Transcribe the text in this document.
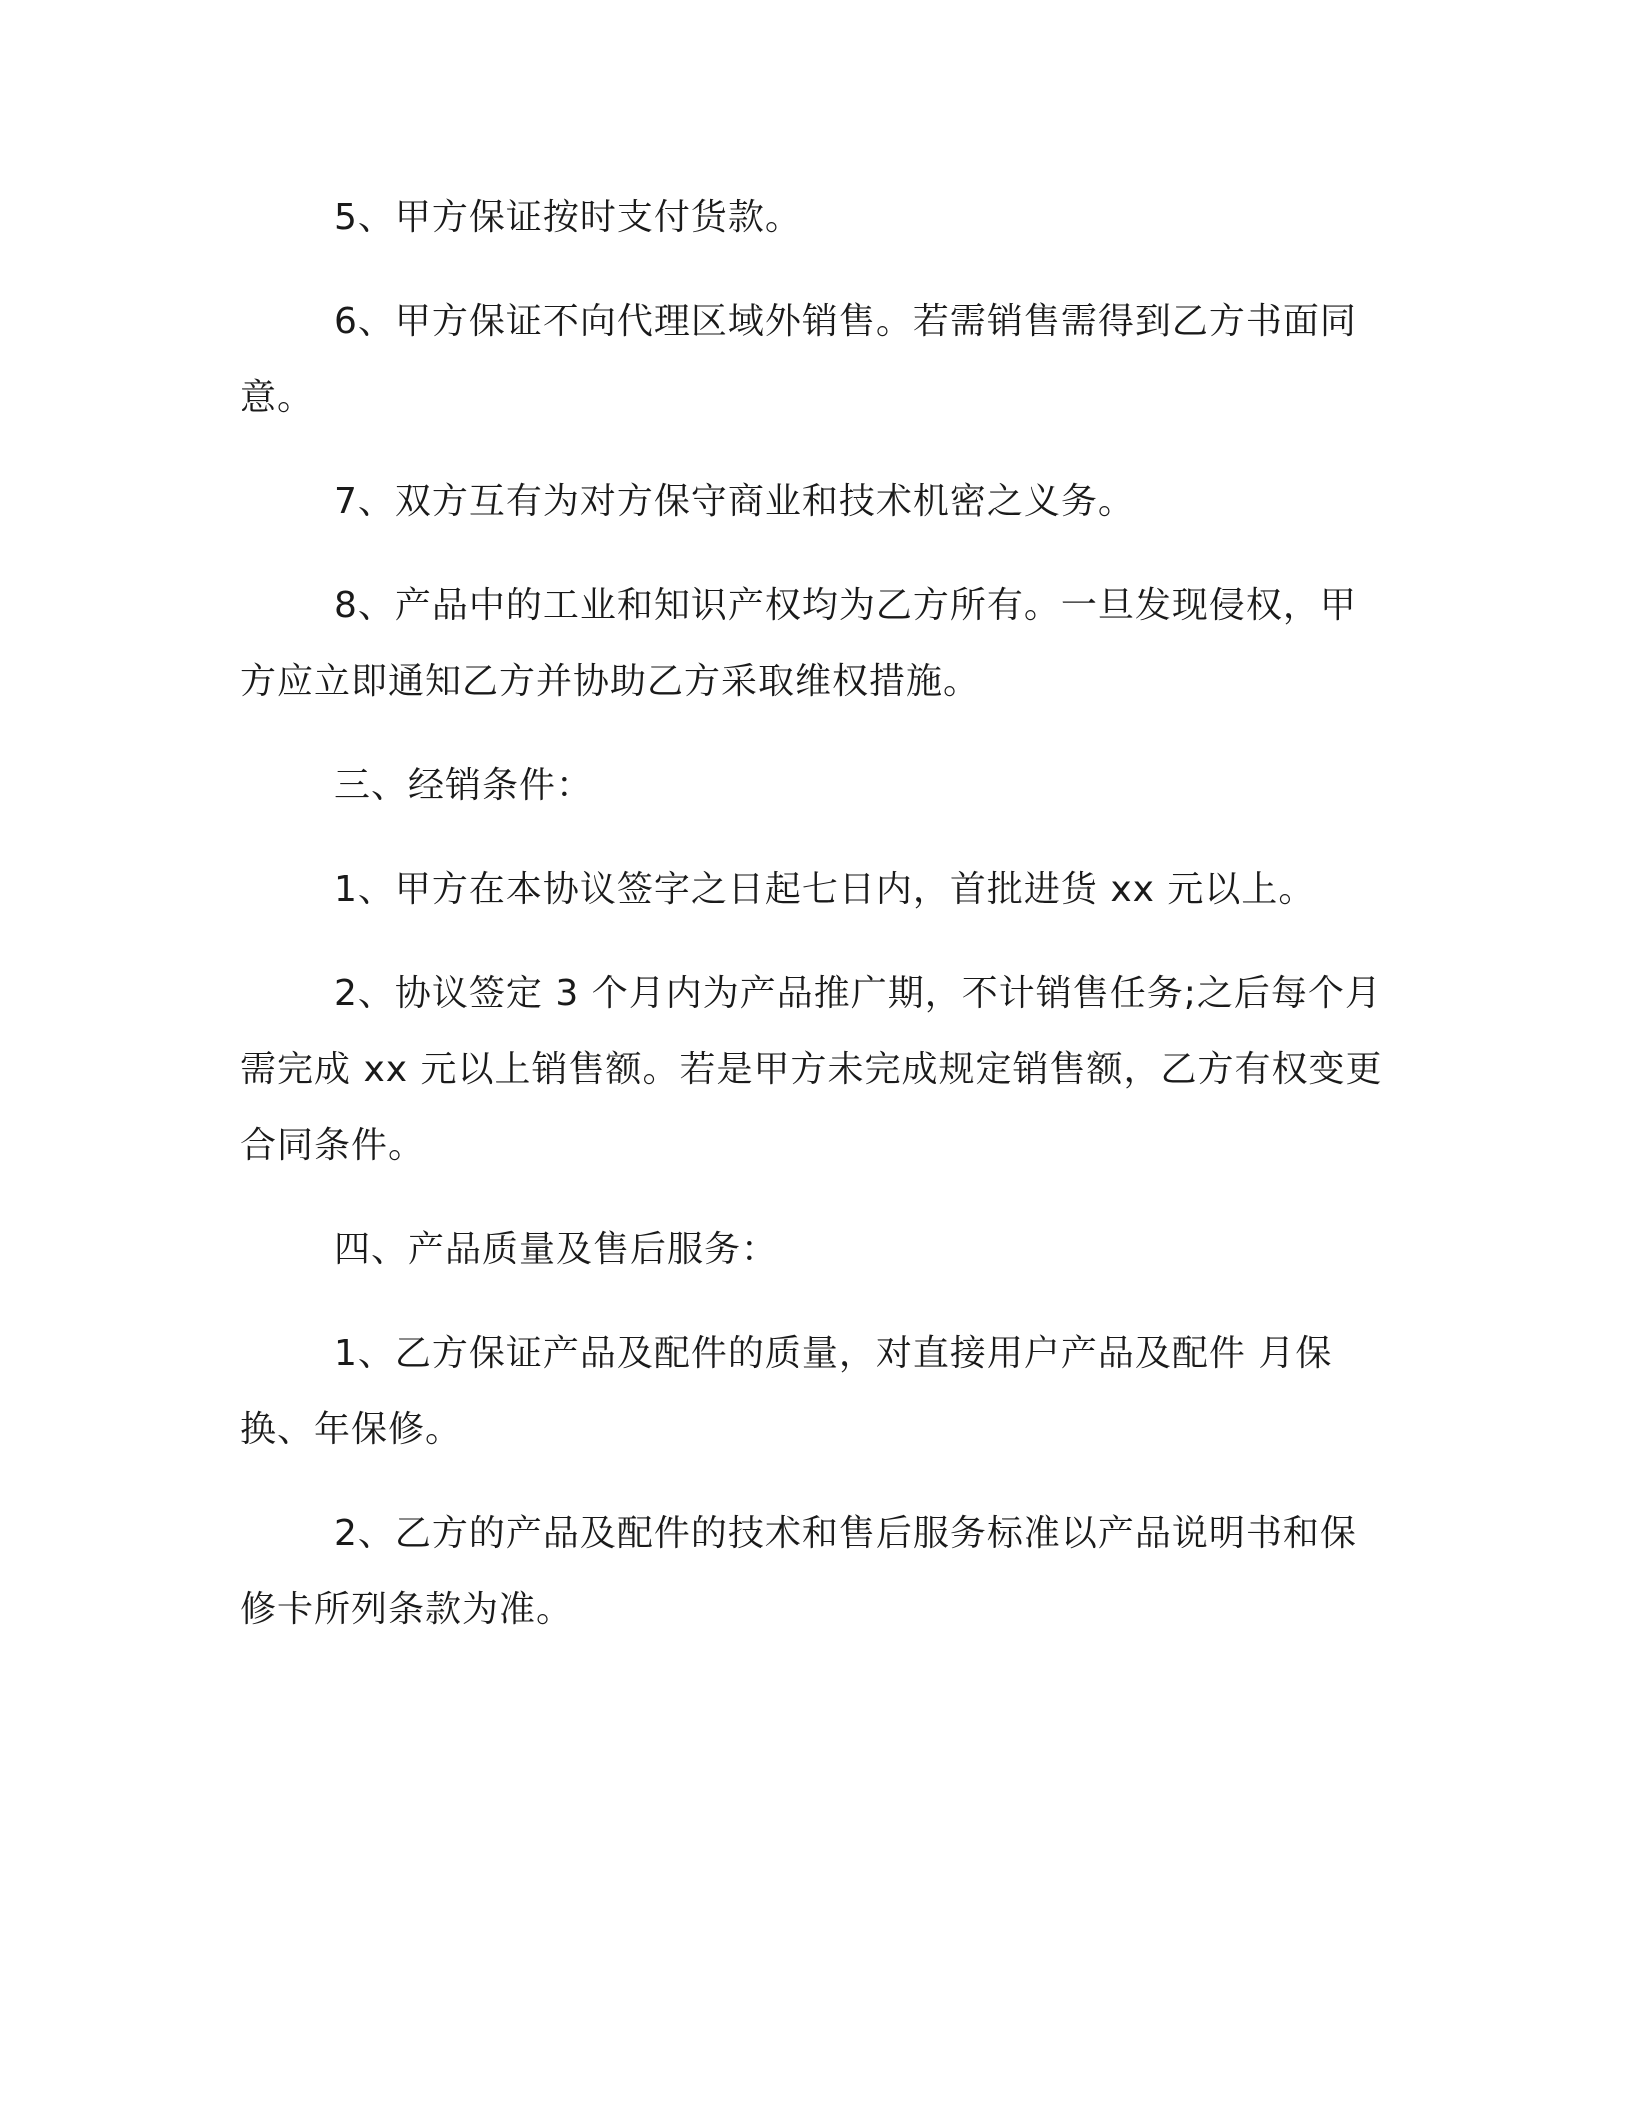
5、甲方保证按时支付货款。

6、甲方保证不向代理区域外销售。若需销售需得到乙方书面同意。

7、双方互有为对方保守商业和技术机密之义务。

8、产品中的工业和知识产权均为乙方所有。一旦发现侵权，甲方应立即通知乙方并协助乙方采取维权措施。

三、经销条件：

1、甲方在本协议签字之日起七日内，首批进货 xx 元以上。

2、协议签定 3 个月内为产品推广期，不计销售任务;之后每个月需完成 xx 元以上销售额。若是甲方未完成规定销售额，乙方有权变更合同条件。

四、产品质量及售后服务：

1、乙方保证产品及配件的质量，对直接用户产品及配件 月保换、年保修。

2、乙方的产品及配件的技术和售后服务标准以产品说明书和保修卡所列条款为准。
